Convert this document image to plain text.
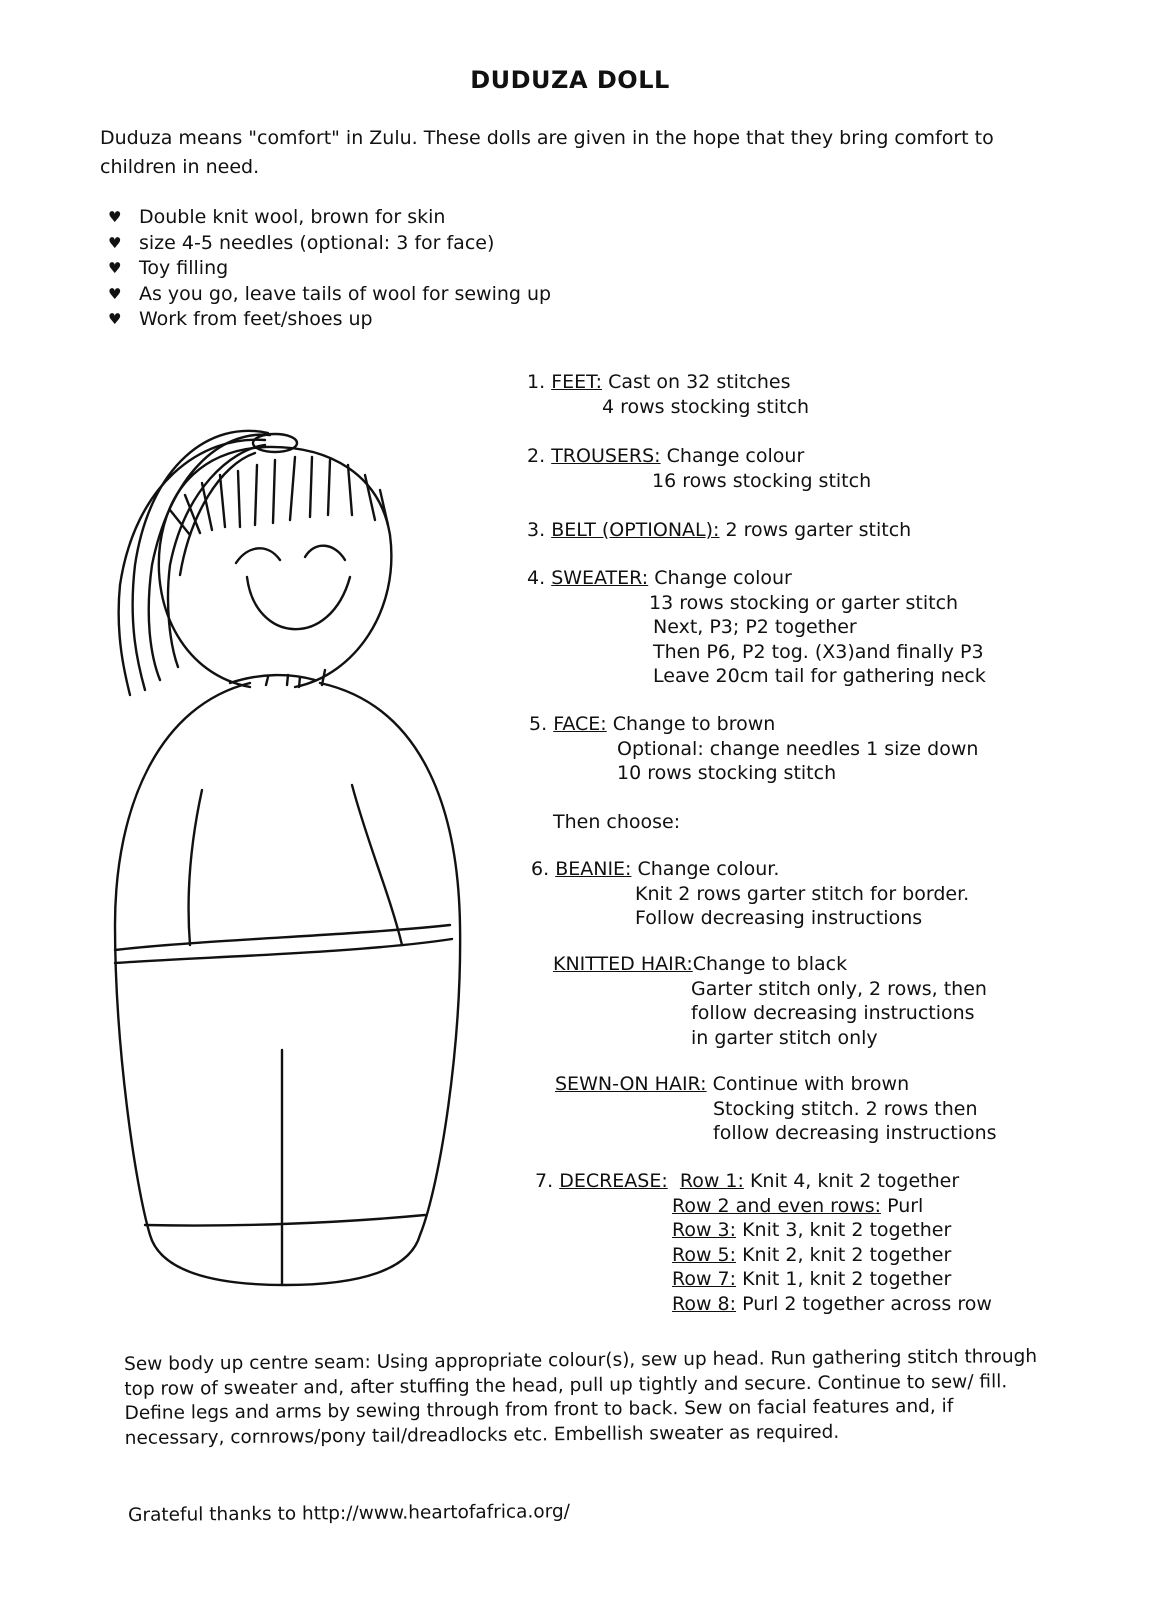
DUDUZA DOLL
Duduza means "comfort" in Zulu. These dolls are given in the hope that they bring comfort to children in need.
♥ Double knit wool, brown for skin
♥ size 4-5 needles (optional: 3 for face)
♥ Toy filling
♥ As you go, leave tails of wool for sewing up
♥ Work from feet/shoes up
1. FEET: Cast on 32 stitches
4 rows stocking stitch
2. TROUSERS: Change colour
16 rows stocking stitch
3. BELT (OPTIONAL): 2 rows garter stitch
4. SWEATER: Change colour
13 rows stocking or garter stitch
Next, P3; P2 together
Then P6, P2 tog. (X3)and finally P3
Leave 20cm tail for gathering neck
5. FACE: Change to brown
Optional: change needles 1 size down
10 rows stocking stitch
Then choose:
6. BEANIE: Change colour.
Knit 2 rows garter stitch for border.
Follow decreasing instructions
KNITTED HAIR:Change to black
Garter stitch only, 2 rows, then
follow decreasing instructions
in garter stitch only
SEWN-ON HAIR: Continue with brown
Stocking stitch. 2 rows then
follow decreasing instructions
7. DECREASE: Row 1: Knit 4, knit 2 together
Row 2 and even rows: Purl
Row 3: Knit 3, knit 2 together
Row 5: Knit 2, knit 2 together
Row 7: Knit 1, knit 2 together
Row 8: Purl 2 together across row
Sew body up centre seam: Using appropriate colour(s), sew up head. Run gathering stitch through top row of sweater and, after stuffing the head, pull up tightly and secure. Continue to sew/ fill. Define legs and arms by sewing through from front to back. Sew on facial features and, if necessary, cornrows/pony tail/dreadlocks etc. Embellish sweater as required.
Grateful thanks to http://www.heartofafrica.org/
